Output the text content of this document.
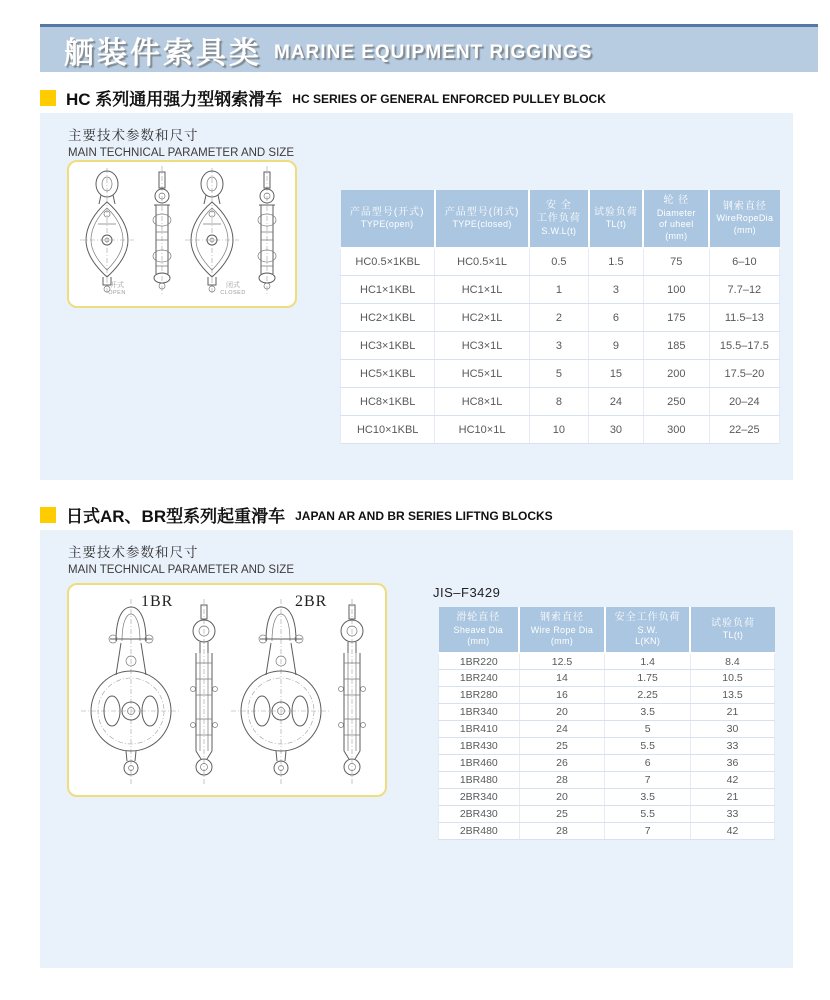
舾装件索具类 MARINE EQUIPMENT RIGGINGS
HC 系列通用强力型钢索滑车 HC SERIES OF GENERAL ENFORCED PULLEY BLOCK
主要技术参数和尺寸
MAIN TECHNICAL PARAMETER AND SIZE
开式
OPEN
闭式
CLOSED
产品型号(开式)
TYPE(open)

产品型号(闭式)
TYPE(closed)

安 全
工作负荷
S.W.L(t)

试验负荷
TL(t)

轮 径
Diameter
of uheel
(mm)

钢索直径
WireRopeDia
(mm)

HC0.5×1KBL	HC0.5×1L	0.5	1.5	75	6–10
HC1×1KBL	HC1×1L	1	3	100	7.7–12
HC2×1KBL	HC2×1L	2	6	175	11.5–13
HC3×1KBL	HC3×1L	3	9	185	15.5–17.5
HC5×1KBL	HC5×1L	5	15	200	17.5–20
HC8×1KBL	HC8×1L	8	24	250	20–24
HC10×1KBL	HC10×1L	10	30	300	22–25
日式AR、BR型系列起重滑车 JAPAN AR AND BR SERIES LIFTNG BLOCKS
主要技术参数和尺寸
MAIN TECHNICAL PARAMETER AND SIZE
1BR	2BR
JIS–F3429
滑轮直径
Sheave Dia
(mm)

钢索直径
Wire Rope Dia
(mm)

安全工作负荷
S.W.
L(KN)

试验负荷
TL(t)

1BR220	12.5	1.4	8.4
1BR240	14	1.75	10.5
1BR280	16	2.25	13.5
1BR340	20	3.5	21
1BR410	24	5	30
1BR430	25	5.5	33
1BR460	26	6	36
1BR480	28	7	42
2BR340	20	3.5	21
2BR430	25	5.5	33
2BR480	28	7	42
